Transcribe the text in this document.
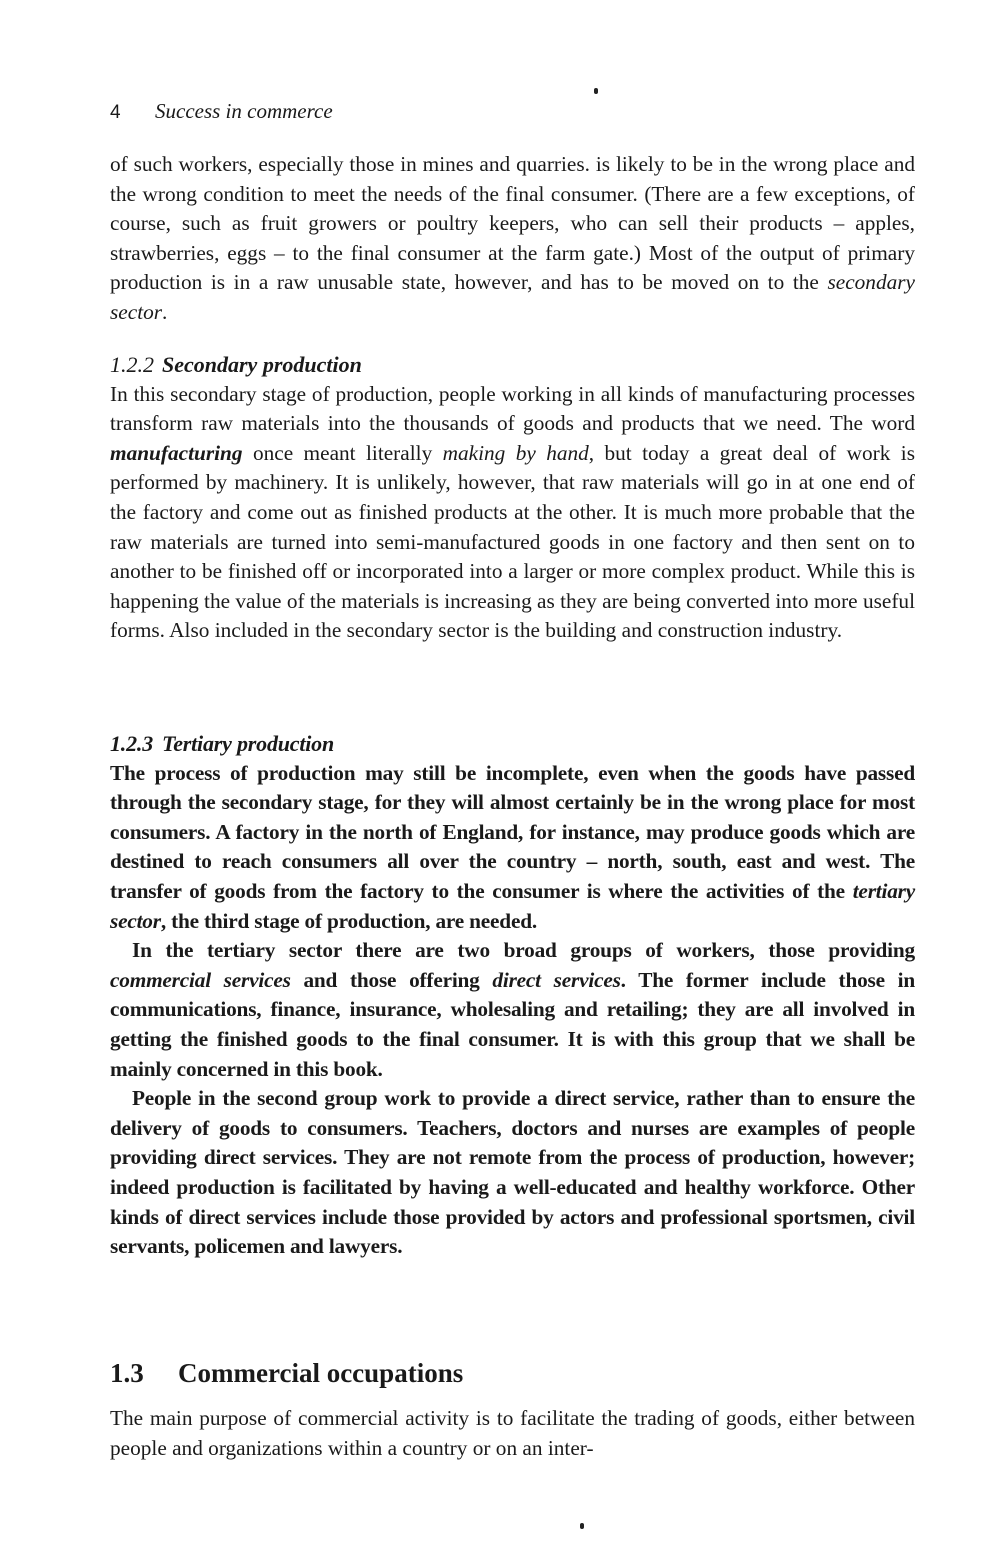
4 Success in commerce

of such workers, especially those in mines and quarries. is likely to be in the wrong place and the wrong condition to meet the needs of the final consumer. (There are a few exceptions, of course, such as fruit growers or poultry keepers, who can sell their products – apples, strawberries, eggs – to the final consumer at the farm gate.) Most of the output of primary production is in a raw unusable state, however, and has to be moved on to the secondary sector.

1.2.2 Secondary production

In this secondary stage of production, people working in all kinds of manufacturing processes transform raw materials into the thousands of goods and products that we need. The word manufacturing once meant literally making by hand, but today a great deal of work is performed by machinery. It is unlikely, however, that raw materials will go in at one end of the factory and come out as finished products at the other. It is much more probable that the raw materials are turned into semi-manufactured goods in one factory and then sent on to another to be finished off or incorporated into a larger or more complex product. While this is happening the value of the materials is increasing as they are being converted into more useful forms. Also included in the secondary sector is the building and construction industry.

1.2.3 Tertiary production

The process of production may still be incomplete, even when the goods have passed through the secondary stage, for they will almost certainly be in the wrong place for most consumers. A factory in the north of England, for instance, may produce goods which are destined to reach consumers all over the country – north, south, east and west. The transfer of goods from the factory to the consumer is where the activities of the tertiary sector, the third stage of production, are needed.

In the tertiary sector there are two broad groups of workers, those providing commercial services and those offering direct services. The former include those in communications, finance, insurance, wholesaling and retailing; they are all involved in getting the finished goods to the final consumer. It is with this group that we shall be mainly concerned in this book.

People in the second group work to provide a direct service, rather than to ensure the delivery of goods to consumers. Teachers, doctors and nurses are examples of people providing direct services. They are not remote from the process of production, however; indeed production is facilitated by having a well-educated and healthy workforce. Other kinds of direct services include those provided by actors and professional sportsmen, civil servants, policemen and lawyers.

1.3 Commercial occupations

The main purpose of commercial activity is to facilitate the trading of goods, either between people and organizations within a country or on an inter-
